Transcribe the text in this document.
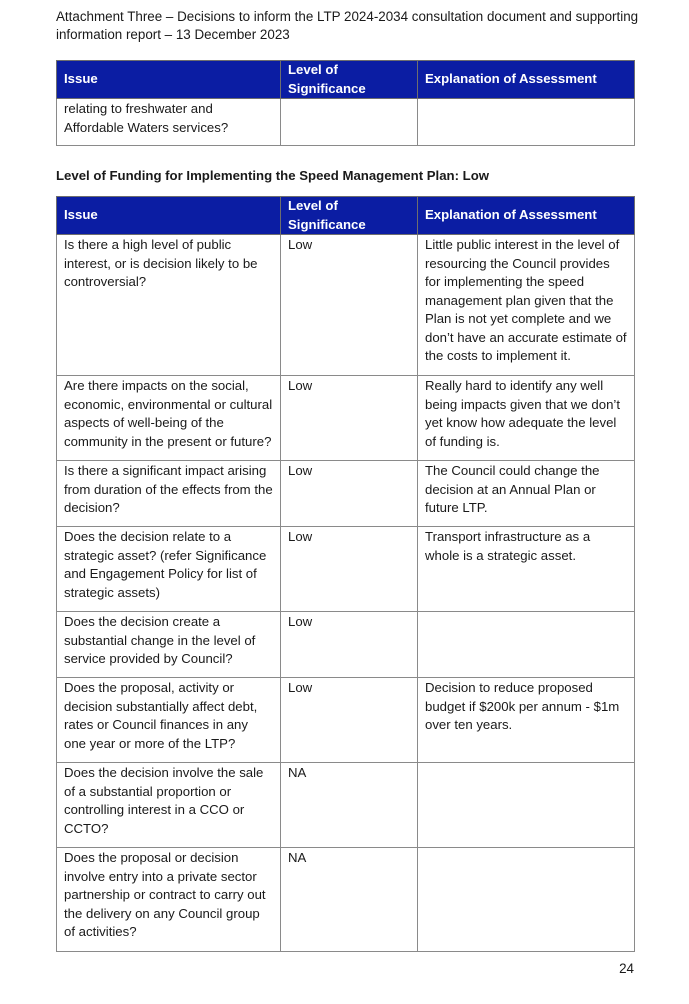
Attachment Three – Decisions to inform the LTP 2024-2034 consultation document and supporting
information report – 13 December 2023
Issue	Level of Significance	Explanation of Assessment
relating to freshwater and Affordable Waters services?		
Level of Funding for Implementing the Speed Management Plan: Low
Issue	Level of Significance	Explanation of Assessment
Is there a high level of public interest, or is decision likely to be controversial?	Low	Little public interest in the level of resourcing the Council provides for implementing the speed management plan given that the Plan is not yet complete and we don’t have an accurate estimate of the costs to implement it.
Are there impacts on the social, economic, environmental or cultural aspects of well-being of the community in the present or future?	Low	Really hard to identify any well being impacts given that we don’t yet know how adequate the level of funding is.
Is there a significant impact arising from duration of the effects from the decision?	Low	The Council could change the decision at an Annual Plan or future LTP.
Does the decision relate to a strategic asset? (refer Significance and Engagement Policy for list of strategic assets)	Low	Transport infrastructure as a whole is a strategic asset.
Does the decision create a substantial change in the level of service provided by Council?	Low	
Does the proposal, activity or decision substantially affect debt, rates or Council finances in any one year or more of the LTP?	Low	Decision to reduce proposed budget if $200k per annum - $1m over ten years.
Does the decision involve the sale of a substantial proportion or controlling interest in a CCO or CCTO?	NA	
Does the proposal or decision involve entry into a private sector partnership or contract to carry out the delivery on any Council group of activities?	NA	
24
